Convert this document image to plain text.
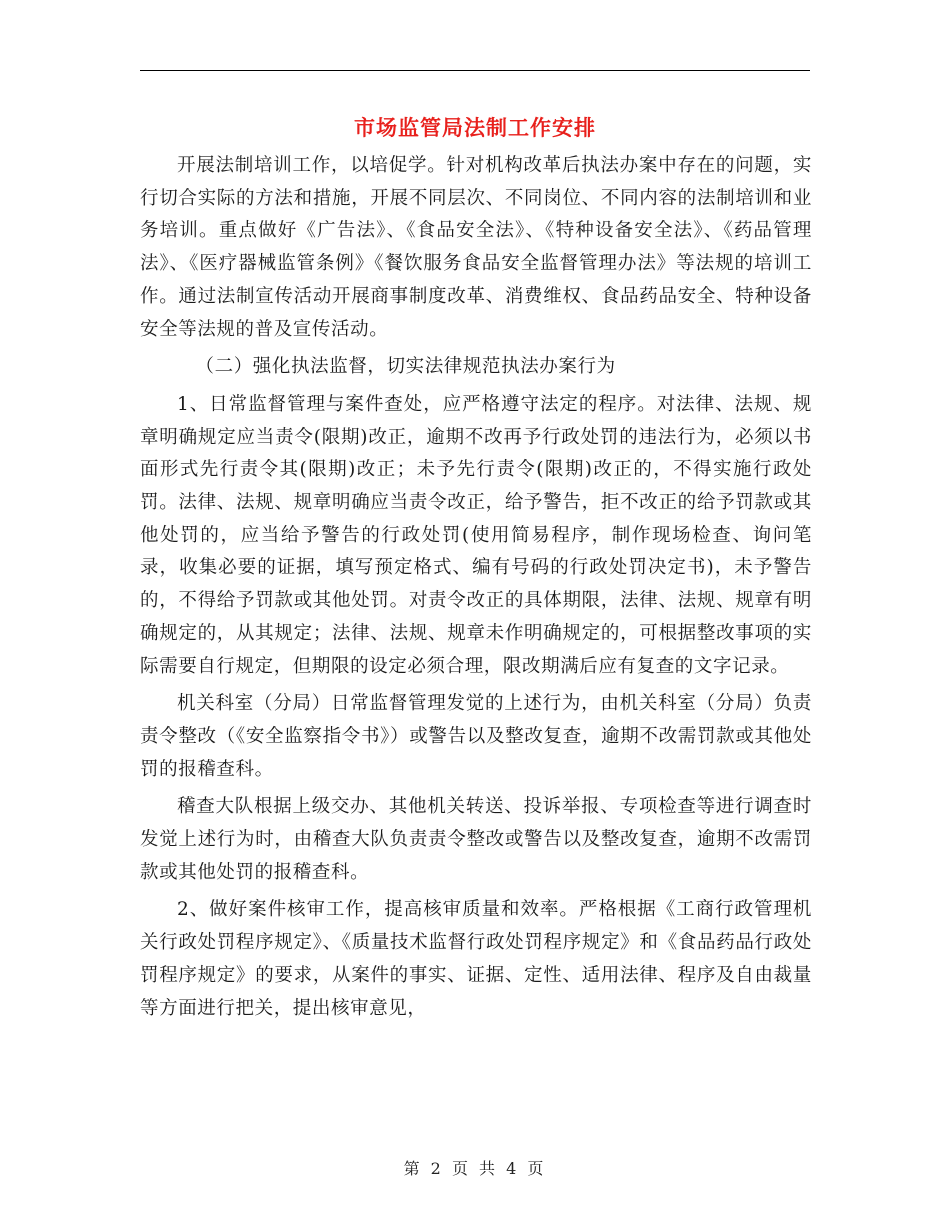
市场监管局法制工作安排

开展法制培训工作，以培促学。针对机构改革后执法办案中存在的问题，实行切合实际的方法和措施，开展不同层次、不同岗位、不同内容的法制培训和业务培训。重点做好《广告法》、《食品安全法》、《特种设备安全法》、《药品管理法》、《医疗器械监管条例》《餐饮服务食品安全监督管理办法》等法规的培训工作。通过法制宣传活动开展商事制度改革、消费维权、食品药品安全、特种设备安全等法规的普及宣传活动。

（二）强化执法监督，切实法律规范执法办案行为

1、日常监督管理与案件查处，应严格遵守法定的程序。对法律、法规、规章明确规定应当责令(限期)改正，逾期不改再予行政处罚的违法行为，必须以书面形式先行责令其(限期)改正；未予先行责令(限期)改正的，不得实施行政处罚。法律、法规、规章明确应当责令改正，给予警告，拒不改正的给予罚款或其他处罚的，应当给予警告的行政处罚(使用简易程序，制作现场检查、询问笔录，收集必要的证据，填写预定格式、编有号码的行政处罚决定书)，未予警告的，不得给予罚款或其他处罚。对责令改正的具体期限，法律、法规、规章有明确规定的，从其规定；法律、法规、规章未作明确规定的，可根据整改事项的实际需要自行规定，但期限的设定必须合理，限改期满后应有复查的文字记录。

机关科室（分局）日常监督管理发觉的上述行为，由机关科室（分局）负责责令整改（《安全监察指令书》）或警告以及整改复查，逾期不改需罚款或其他处罚的报稽查科。

稽查大队根据上级交办、其他机关转送、投诉举报、专项检查等进行调查时发觉上述行为时，由稽查大队负责责令整改或警告以及整改复查，逾期不改需罚款或其他处罚的报稽查科。

2、做好案件核审工作，提高核审质量和效率。严格根据《工商行政管理机关行政处罚程序规定》、《质量技术监督行政处罚程序规定》和《食品药品行政处罚程序规定》的要求，从案件的事实、证据、定性、适用法律、程序及自由裁量等方面进行把关，提出核审意见，

第 2 页 共 4 页
